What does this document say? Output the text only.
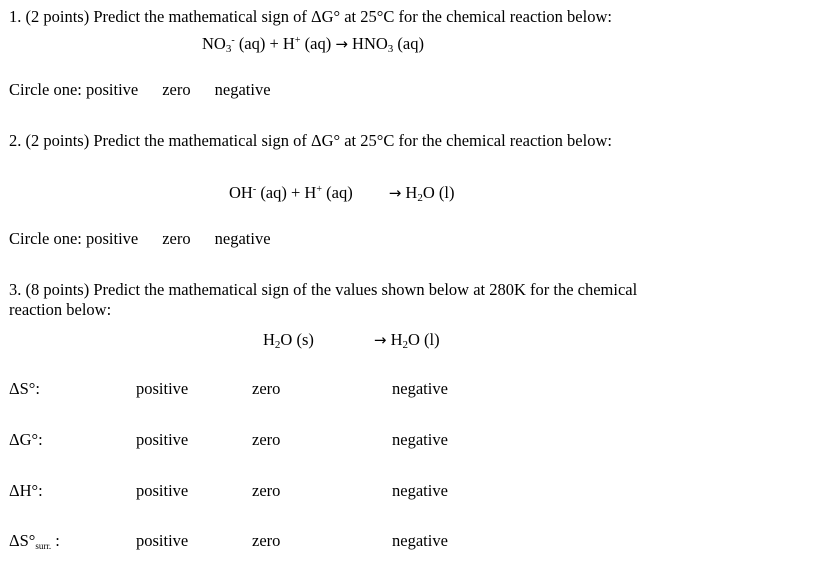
1. (2 points) Predict the mathematical sign of ΔG° at 25°C for the chemical reaction below:
$NO_3^-$ (aq) + H+ $(aq) \to HNO_3$ (aq)
Circle one: positive zero negative
2. (2 points) Predict the mathematical sign of ΔG° at 25°C for the chemical reaction below:
OH- (aq) + H+ $(aq) \to H_2O$ (l)
Circle one: positive zero negative
3. (8 points) Predict the mathematical sign of the values shown below at 280K for the chemical
reaction below:
$H_2O$ (s)	→ $H_2O$ (l)
ΔS°:	positive	zero	negative
ΔG°:	positive	zero	negative
ΔH°:	positive	zero	negative
ΔS°surr. :	positive	zero	negative
